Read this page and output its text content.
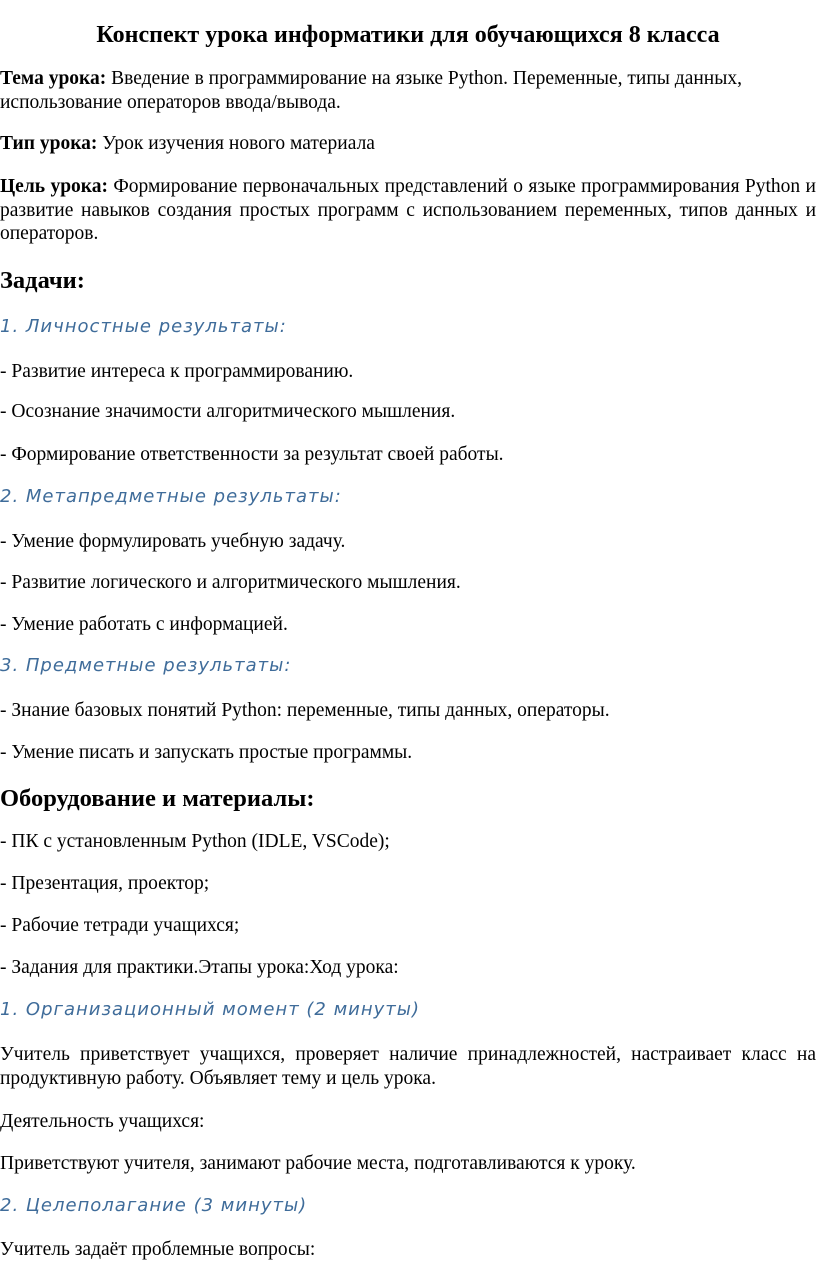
Конспект урока информатики для обучающихся 8 класса
Тема урока: Введение в программирование на языке Python. Переменные, типы данных, использование операторов ввода/вывода.
Тип урока: Урок изучения нового материала
Цель урока: Формирование первоначальных представлений о языке программирования Python и развитие навыков создания простых программ с использованием переменных, типов данных и операторов.
Задачи:
1. Личностные результаты:
- Развитие интереса к программированию.
- Осознание значимости алгоритмического мышления.
- Формирование ответственности за результат своей работы.
2. Метапредметные результаты:
- Умение формулировать учебную задачу.
- Развитие логического и алгоритмического мышления.
- Умение работать с информацией.
3. Предметные результаты:
- Знание базовых понятий Python: переменные, типы данных, операторы.
- Умение писать и запускать простые программы.
Оборудование и материалы:
- ПК с установленным Python (IDLE, VSCode);
- Презентация, проектор;
- Рабочие тетради учащихся;
- Задания для практики.Этапы урока:Ход урока:
1. Организационный момент (2 минуты)
Учитель приветствует учащихся, проверяет наличие принадлежностей, настраивает класс на продуктивную работу. Объявляет тему и цель урока.
Деятельность учащихся:
Приветствуют учителя, занимают рабочие места, подготавливаются к уроку.
2. Целеполагание (3 минуты)
Учитель задаёт проблемные вопросы:
